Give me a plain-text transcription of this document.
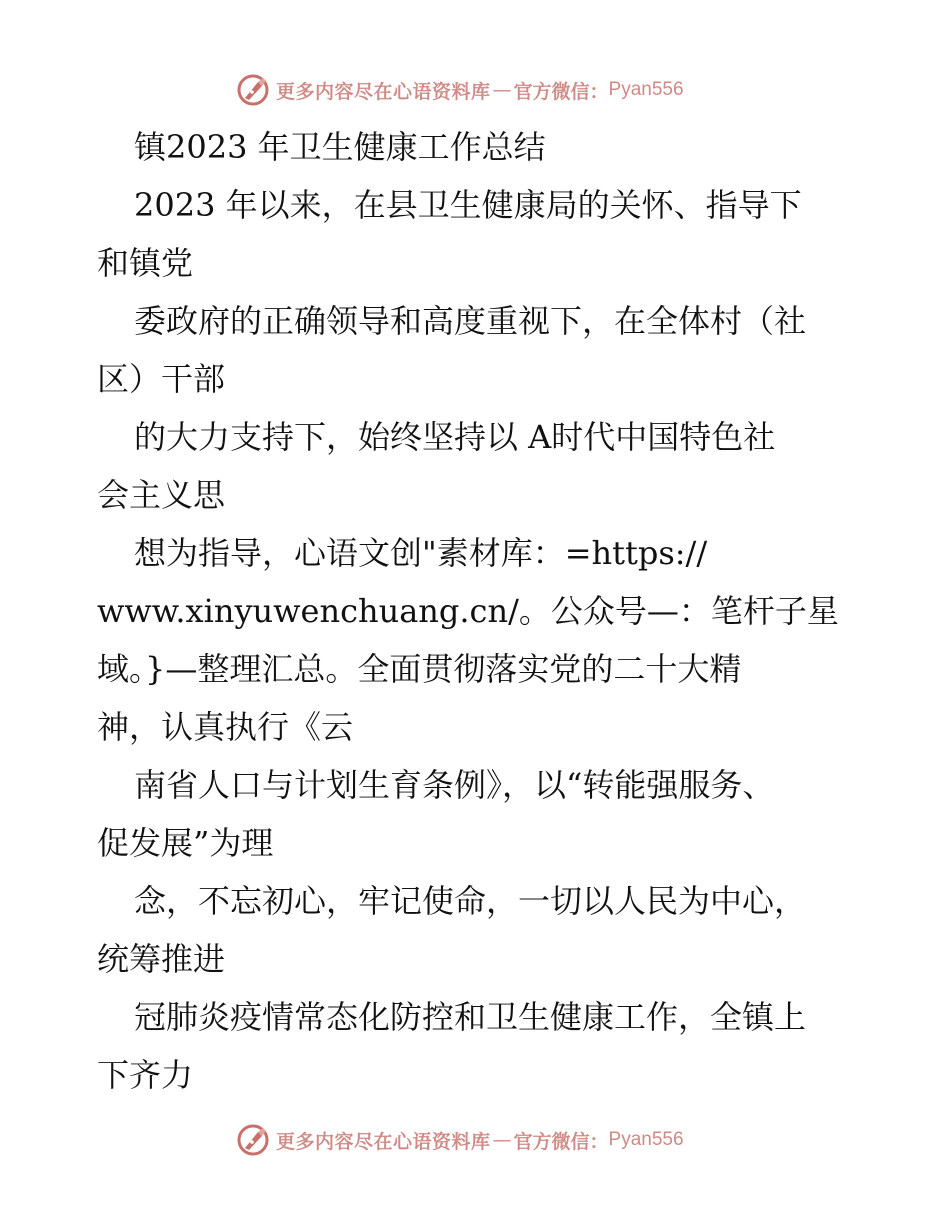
更多内容尽在心语资料库 — 官方微信： Pyan556
镇2023 年卫生健康工作总结
2023 年以来，在县卫生健康局的关怀、指导下
和镇党
委政府的正确领导和高度重视下，在全体村（社
区）干部
的大力支持下，始终坚持以 A时代中国特色社
会主义思
想为指导，心语文创"素材库：=https://
www.xinyuwenchuang.cn/。公众号—：笔杆子星
域。}—整理汇总。全面贯彻落实党的二十大精
神，认真执行《云
南省人口与计划生育条例》，以“转能强服务、
促发展”为理
念，不忘初心，牢记使命，一切以人民为中心，
统筹推进
冠肺炎疫情常态化防控和卫生健康工作，全镇上
下齐力
更多内容尽在心语资料库 — 官方微信： Pyan556
